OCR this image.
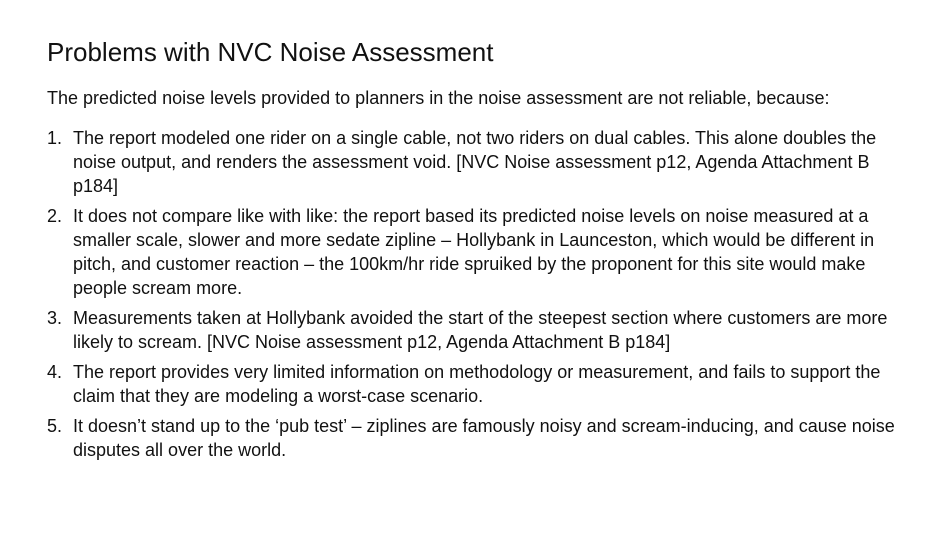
Problems with NVC Noise Assessment

The predicted noise levels provided to planners in the noise assessment are not reliable, because:

1. The report modeled one rider on a single cable, not two riders on dual cables. This alone doubles the noise output, and renders the assessment void. [NVC Noise assessment p12, Agenda Attachment B p184]
2. It does not compare like with like: the report based its predicted noise levels on noise measured at a smaller scale, slower and more sedate zipline – Hollybank in Launceston, which would be different in pitch, and customer reaction – the 100km/hr ride spruiked by the proponent for this site would make people scream more.
3. Measurements taken at Hollybank avoided the start of the steepest section where customers are more likely to scream. [NVC Noise assessment p12, Agenda Attachment B p184]
4. The report provides very limited information on methodology or measurement, and fails to support the claim that they are modeling a worst-case scenario.
5. It doesn’t stand up to the ‘pub test’ – ziplines are famously noisy and scream-inducing, and cause noise disputes all over the world.
